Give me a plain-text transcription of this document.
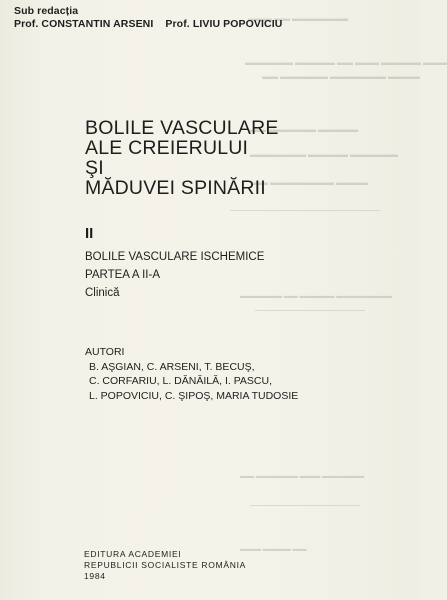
▬▬▬ ▬▬ ▬▬▬▬▬▬▬
▬▬▬▬▬▬ ▬▬▬▬▬ ▬▬ ▬▬▬ ▬▬▬▬▬ ▬▬▬
▬▬ ▬▬▬▬▬▬ ▬▬▬▬▬▬▬ ▬▬▬▬
▬▬ ▬▬▬▬▬▬ ▬▬▬▬▬
▬▬▬▬▬▬▬ ▬▬▬▬▬ ▬▬▬▬▬▬
▬▬ ▬▬▬▬▬▬▬▬ ▬▬▬▬
▬▬▬▬▬▬ ▬▬ ▬▬▬▬▬ ▬▬▬▬▬▬▬▬
▬▬ ▬▬▬▬▬▬ ▬▬▬ ▬▬▬▬▬▬
▬▬▬ ▬▬▬▬ ▬▬
Sub redacția
Prof. CONSTANTIN ARSENI Prof. LIVIU POPOVICIU
BOLILE VASCULARE
ALE CREIERULUI
ŞI
MĂDUVEI SPINĂRII
II
BOLILE VASCULARE ISCHEMICE
PARTEA A II-A
Clinică
AUTORI
B. AŞGIAN, C. ARSENI, T. BECUŞ,
C. CORFARIU, L. DĂNĂILĂ, I. PASCU,
L. POPOVICIU, C. ŞIPOŞ, MARIA TUDOSIE
EDITURA ACADEMIEI
REPUBLICII SOCIALISTE ROMÂNIA
1984
